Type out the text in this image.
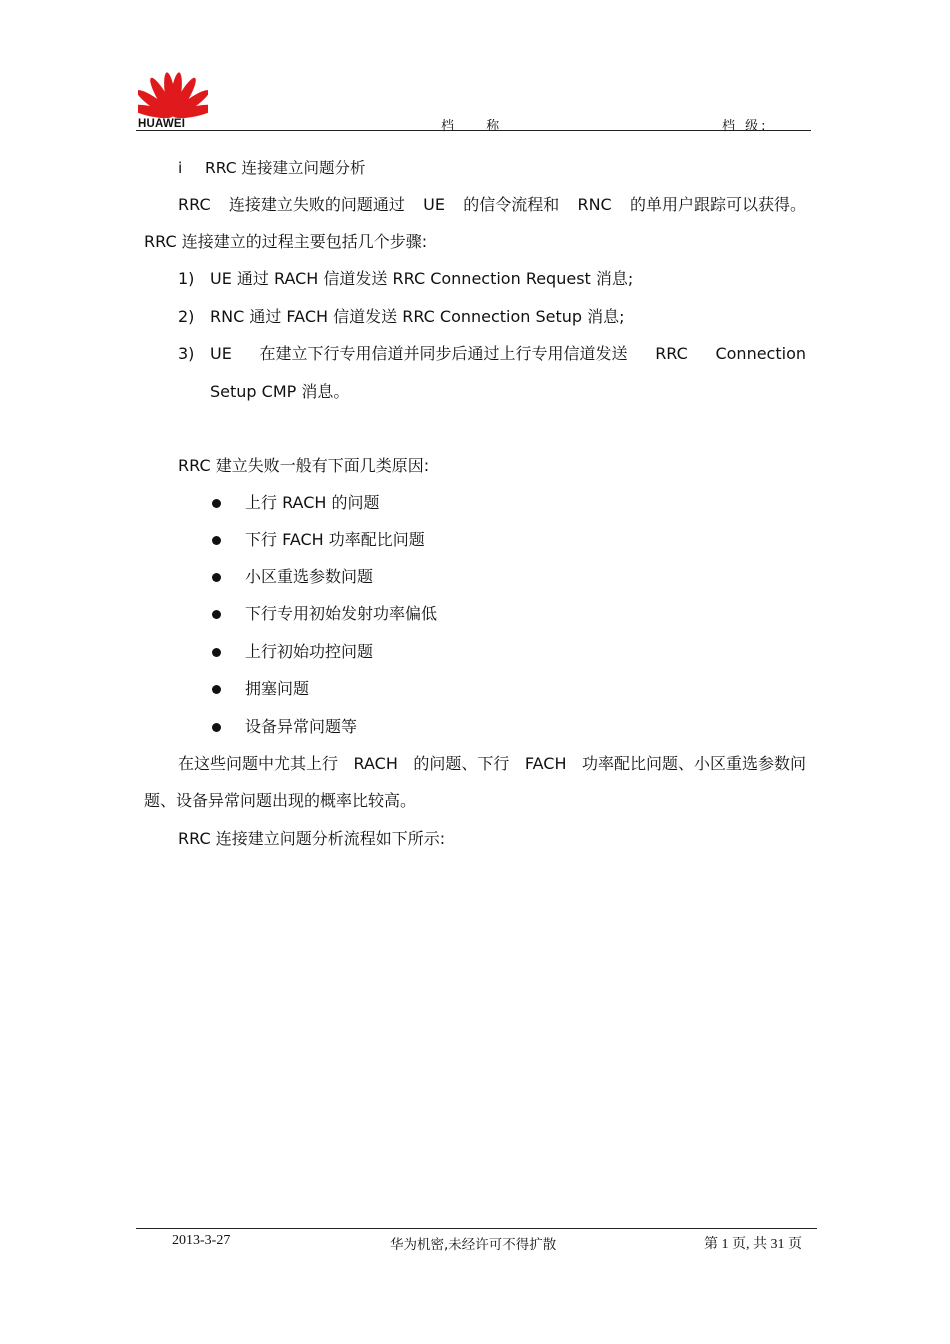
HUAWEI	档 称	档 级:
i RRC 连接建立问题分析
RRC 连接建立失败的问题通过 UE 的信令流程和 RNC 的单用户跟踪可以获得。
RRC 连接建立的过程主要包括几个步骤:
1) UE 通过 RACH 信道发送 RRC Connection Request 消息;
2) RNC 通过 FACH 信道发送 RRC Connection Setup 消息;
3) UE 在建立下行专用信道并同步后通过上行专用信道发送 RRC Connection
Setup CMP 消息。
RRC 建立失败一般有下面几类原因:
上行 RACH 的问题
下行 FACH 功率配比问题
小区重选参数问题
下行专用初始发射功率偏低
上行初始功控问题
拥塞问题
设备异常问题等
在这些问题中尤其上行 RACH 的问题、下行 FACH 功率配比问题、小区重选参数问
题、设备异常问题出现的概率比较高。
RRC 连接建立问题分析流程如下所示:
2013-3-27	华为机密,未经许可不得扩散	第 1 页, 共 31 页
